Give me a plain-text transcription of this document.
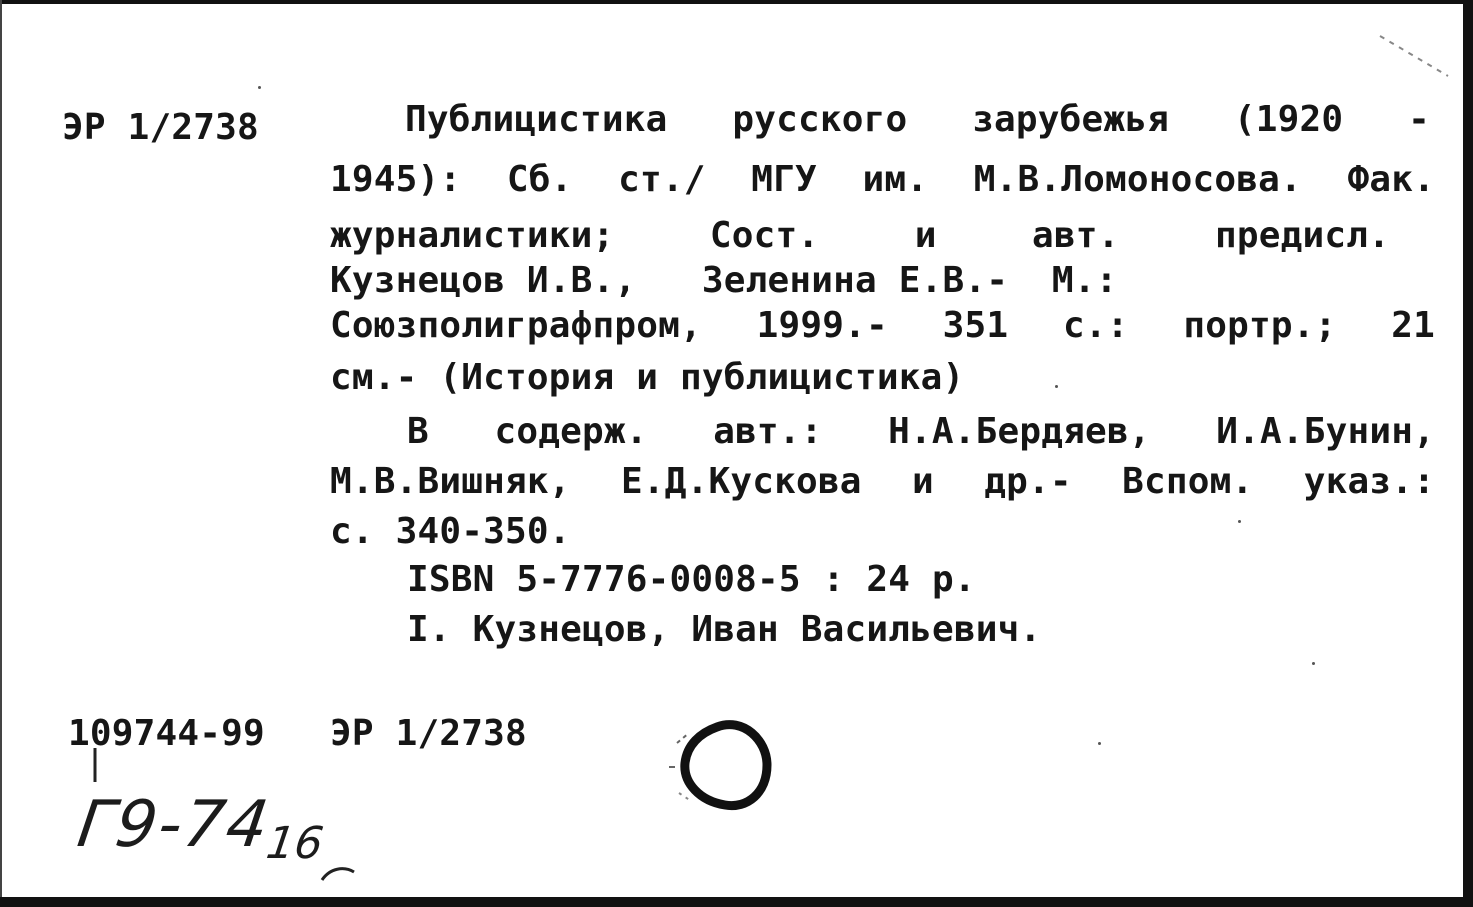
ЭР 1/2738	Публицистика русского зарубежья (1920 -
1945): Сб. ст./ МГУ им. М.В.Ломоносова. Фак.
журналистики;	Сост.	и	авт.	предисл.

Кузнецов И.В.,   Зеленина Е.В.-  М.:

Союзполиграфпром, 1999.- 351 с.: портр.; 21

см.- (История и публицистика)

В содерж. авт.: Н.А.Бердяев, И.А.Бунин,
М.В.Вишняк, Е.Д.Кускова и др.- Вспом. указ.:

с. 340-350.

ISBN 5-7776-0008-5 : 24 р.

I. Кузнецов, Иван Васильевич.

109744-99 ЭР 1/2738

Г9-7416
